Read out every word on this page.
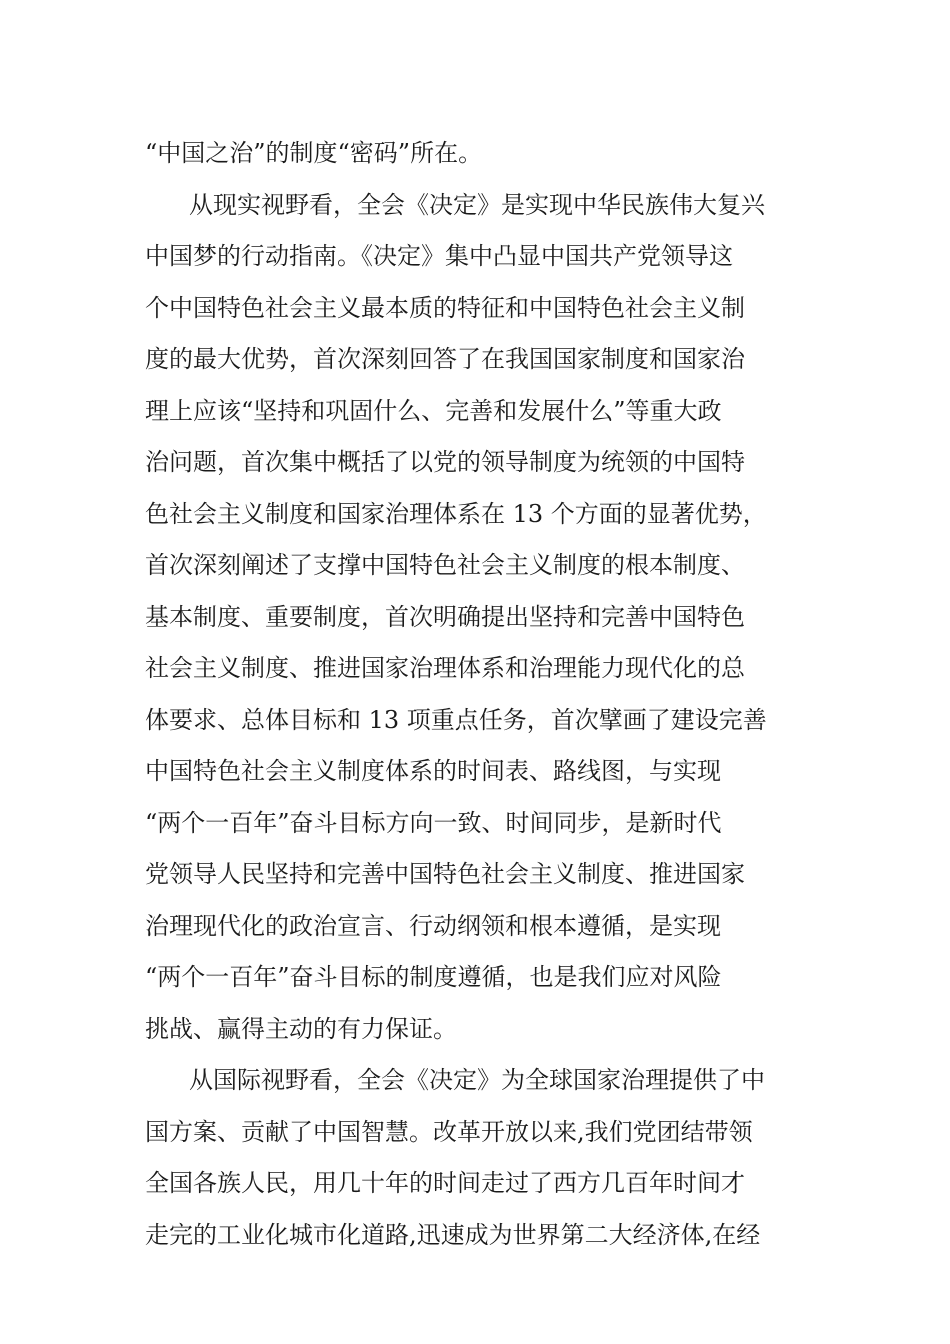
“中国之治”的制度“密码”所在。
从现实视野看，全会《决定》是实现中华民族伟大复兴
中国梦的行动指南。《决定》集中凸显中国共产党领导这
个中国特色社会主义最本质的特征和中国特色社会主义制
度的最大优势，首次深刻回答了在我国国家制度和国家治
理上应该“坚持和巩固什么、完善和发展什么”等重大政
治问题，首次集中概括了以党的领导制度为统领的中国特
色社会主义制度和国家治理体系在 13 个方面的显著优势，
首次深刻阐述了支撑中国特色社会主义制度的根本制度、
基本制度、重要制度，首次明确提出坚持和完善中国特色
社会主义制度、推进国家治理体系和治理能力现代化的总
体要求、总体目标和 13 项重点任务，首次擘画了建设完善
中国特色社会主义制度体系的时间表、路线图，与实现
“两个一百年”奋斗目标方向一致、时间同步，是新时代
党领导人民坚持和完善中国特色社会主义制度、推进国家
治理现代化的政治宣言、行动纲领和根本遵循，是实现
“两个一百年”奋斗目标的制度遵循，也是我们应对风险
挑战、赢得主动的有力保证。
从国际视野看，全会《决定》为全球国家治理提供了中
国方案、贡献了中国智慧。改革开放以来,我们党团结带领
全国各族人民，用几十年的时间走过了西方几百年时间才
走完的工业化城市化道路,迅速成为世界第二大经济体,在经
